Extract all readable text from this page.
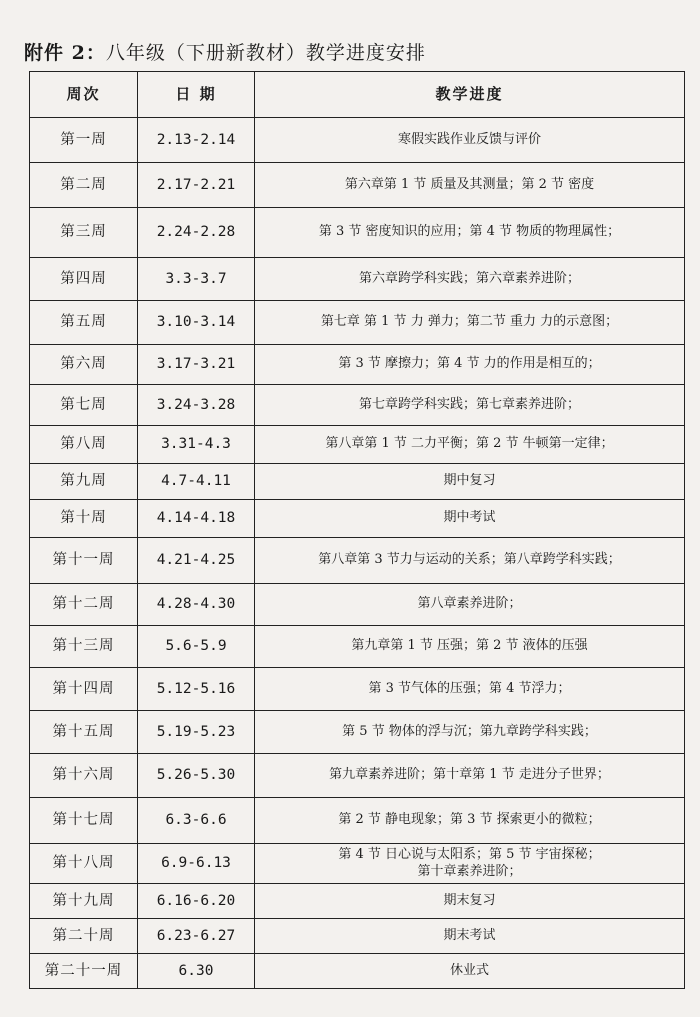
附件 2：八年级（下册新教材）教学进度安排
周次	日 期	教学进度
第一周	2.13-2.14	寒假实践作业反馈与评价

第二周	2.17-2.21	第六章第 1 节 质量及其测量；第 2 节 密度

第三周	2.24-2.28	第 3 节 密度知识的应用；第 4 节 物质的物理属性；

第四周	3.3-3.7	第六章跨学科实践；第六章素养进阶；

第五周	3.10-3.14	第七章 第 1 节 力 弹力；第二节 重力 力的示意图；

第六周	3.17-3.21	第 3 节 摩擦力；第 4 节 力的作用是相互的；

第七周	3.24-3.28	第七章跨学科实践；第七章素养进阶；

第八周	3.31-4.3	第八章第 1 节 二力平衡；第 2 节 牛顿第一定律；

第九周	4.7-4.11	期中复习

第十周	4.14-4.18	期中考试

第十一周	4.21-4.25	第八章第 3 节力与运动的关系；第八章跨学科实践；

第十二周	4.28-4.30	第八章素养进阶；

第十三周	5.6-5.9	第九章第 1 节 压强；第 2 节 液体的压强

第十四周	5.12-5.16	第 3 节气体的压强；第 4 节浮力；

第十五周	5.19-5.23	第 5 节 物体的浮与沉；第九章跨学科实践；

第十六周	5.26-5.30	第九章素养进阶；第十章第 1 节 走进分子世界；

第十七周	6.3-6.6	第 2 节 静电现象；第 3 节 探索更小的微粒；

第十八周	6.9-6.13	第 4 节 日心说与太阳系；第 5 节 宇宙探秘；
第十章素养进阶；

第十九周	6.16-6.20	期末复习

第二十周	6.23-6.27	期末考试

第二十一周	6.30	休业式
